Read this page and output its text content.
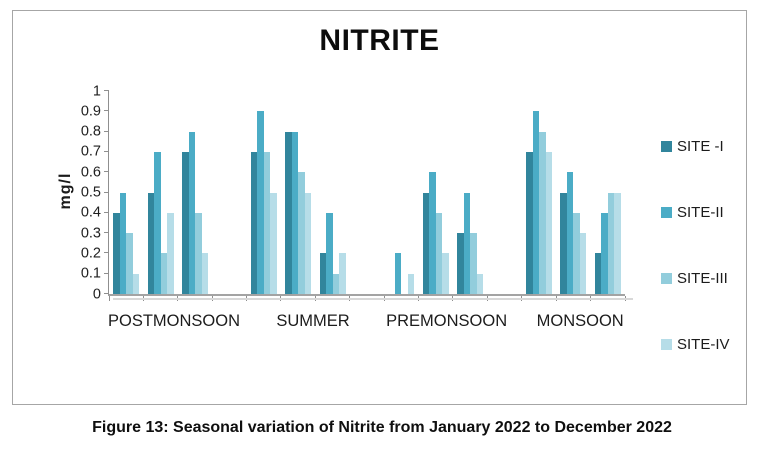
NITRITE
mg/l
0
0.1
0.2
0.3
0.4
0.5
0.6
0.7
0.8
0.9
1
POSTMONSOON	SUMMER	PREMONSOON MONSOON
SITE -I
SITE-II
SITE-III
SITE-IV
Figure 13: Seasonal variation of Nitrite from January 2022 to December 2022
